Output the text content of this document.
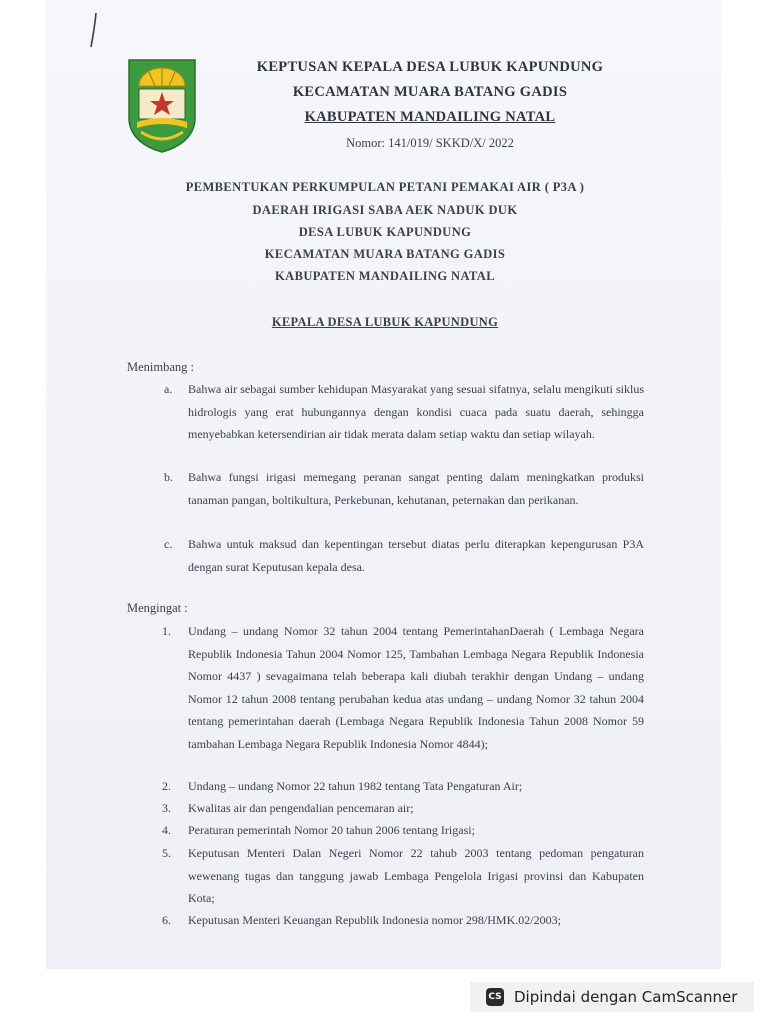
KEPTUSAN KEPALA DESA LUBUK KAPUNDUNG
KECAMATAN MUARA BATANG GADIS
KABUPATEN MANDAILING NATAL
Nomor: 141/019/ SKKD/X/ 2022
PEMBENTUKAN PERKUMPULAN PETANI PEMAKAI AIR ( P3A )
DAERAH IRIGASI SABA AEK NADUK DUK
DESA LUBUK KAPUNDUNG
KECAMATAN MUARA BATANG GADIS
KABUPATEN MANDAILING NATAL
KEPALA DESA LUBUK KAPUNDUNG
Menimbang :
a. Bahwa air sebagai sumber kehidupan Masyarakat yang sesuai sifatnya, selalu mengikuti siklus hidrologis yang erat hubungannya dengan kondisi cuaca pada suatu daerah, sehingga menyebabkan ketersendirian air tidak merata dalam setiap waktu dan setiap wilayah.
b. Bahwa fungsi irigasi memegang peranan sangat penting dalam meningkatkan produksi tanaman pangan, boltikultura, Perkebunan, kehutanan, peternakan dan perikanan.
c. Bahwa untuk maksud dan kepentingan tersebut diatas perlu diterapkan kepengurusan P3A dengan surat Keputusan kepala desa.
Mengingat :
1. Undang – undang Nomor 32 tahun 2004 tentang PemerintahanDaerah ( Lembaga Negara Republik Indonesia Tahun 2004 Nomor 125, Tambahan Lembaga Negara Republik Indonesia Nomor 4437 ) sevagaimana telah beberapa kali diubah terakhir dengan Undang – undang Nomor 12 tahun 2008 tentang perubahan kedua atas undang – undang Nomor 32 tahun 2004 tentang pemerintahan daerah (Lembaga Negara Republik Indonesia Tahun 2008 Nomor 59 tambahan Lembaga Negara Republik Indonesia Nomor 4844);
2. Undang – undang Nomor 22 tahun 1982 tentang Tata Pengaturan Air;
3. Kwalitas air dan pengendalian pencemaran air;
4. Peraturan pemerintah Nomor 20 tahun 2006 tentang Irigasi;
5. Keputusan Menteri Dalan Negeri Nomor 22 tahub 2003 tentang pedoman pengaturan wewenang tugas dan tanggung jawab Lembaga Pengelola Irigasi provinsi dan Kabupaten Kota;
6. Keputusan Menteri Keuangan Republik Indonesia nomor 298/HMK.02/2003;
CS Dipindai dengan CamScanner
